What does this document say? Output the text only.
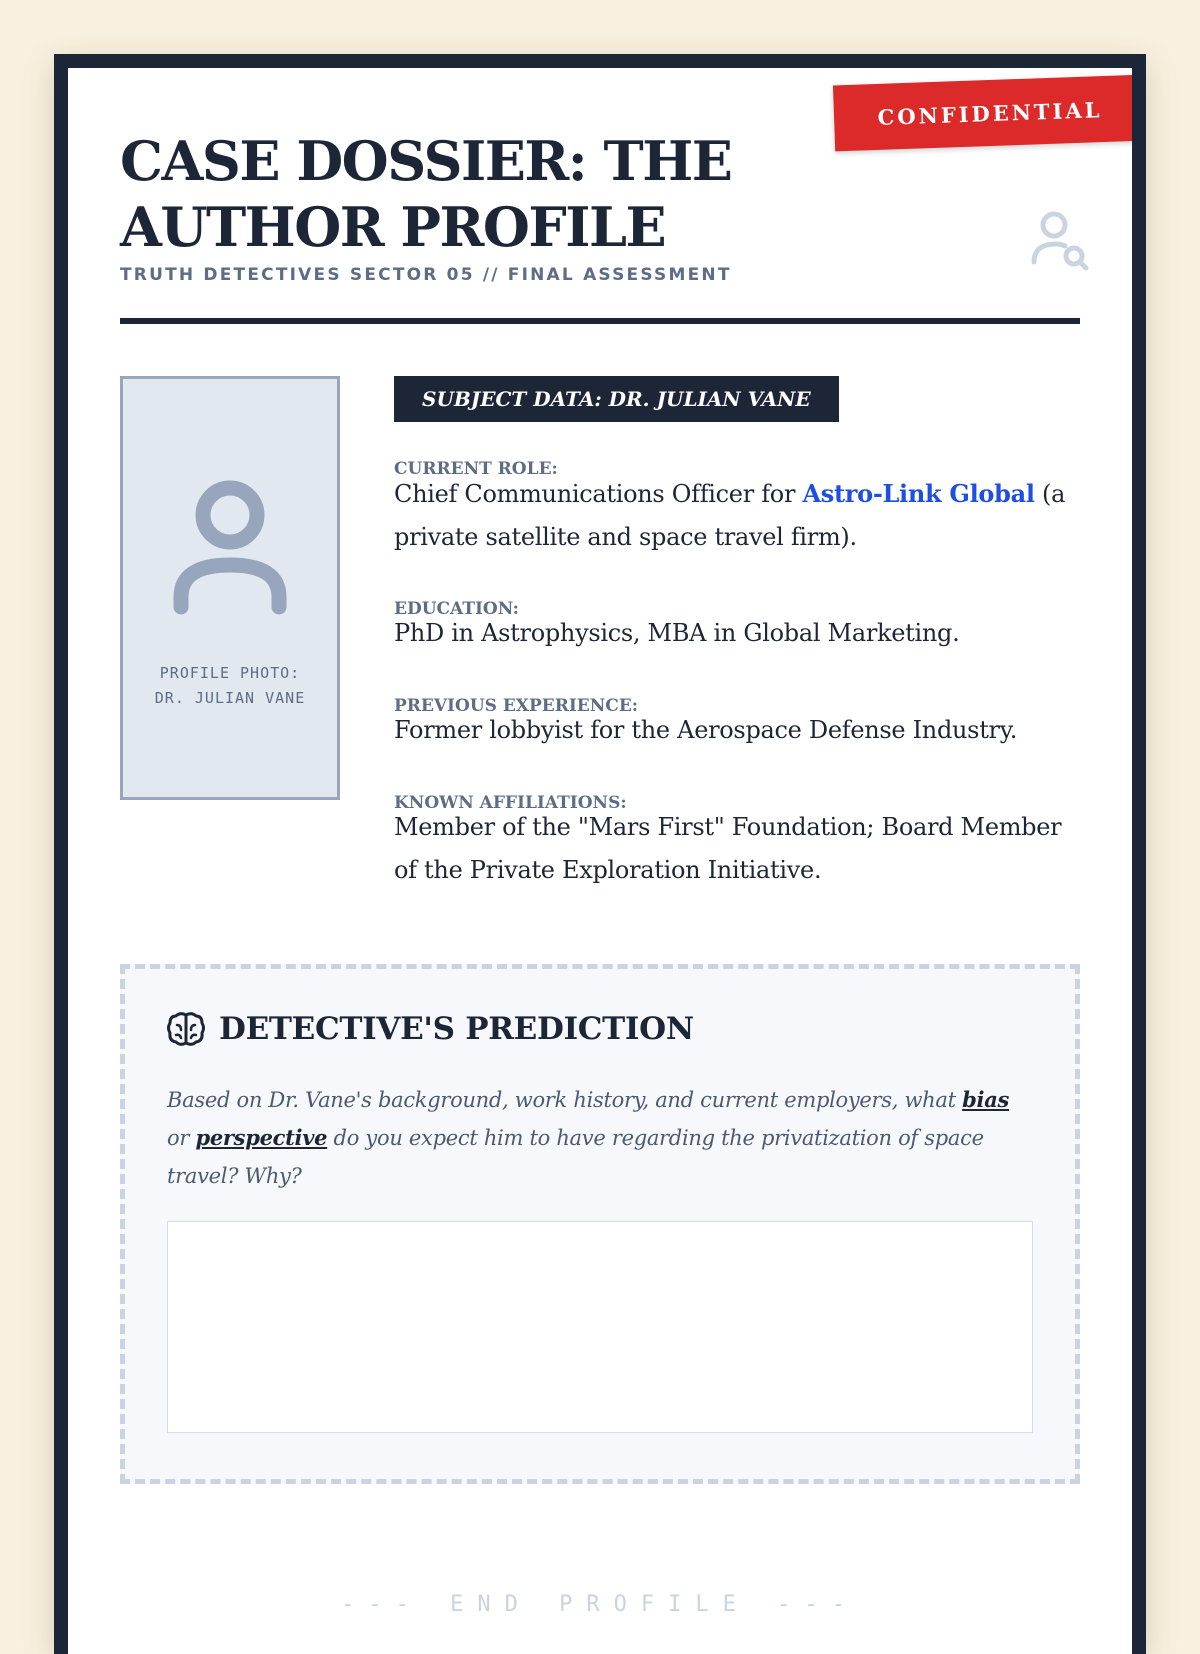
CONFIDENTIAL
CASE DOSSIER: THE AUTHOR PROFILE
TRUTH DETECTIVES SECTOR 05 // FINAL ASSESSMENT
PROFILE PHOTO:
DR. JULIAN VANE
SUBJECT DATA: DR. JULIAN VANE
CURRENT ROLE:

Chief Communications Officer for Astro-Link Global (a private satellite and space travel firm).

EDUCATION:

PhD in Astrophysics, MBA in Global Marketing.

PREVIOUS EXPERIENCE:

Former lobbyist for the Aerospace Defense Industry.

KNOWN AFFILIATIONS:

Member of the "Mars First" Foundation; Board Member of the Private Exploration Initiative.

DETECTIVE'S PREDICTION

Based on Dr. Vane's background, work history, and current employers, what bias or perspective do you expect him to have regarding the privatization of space travel? Why?

--- END PROFILE ---
